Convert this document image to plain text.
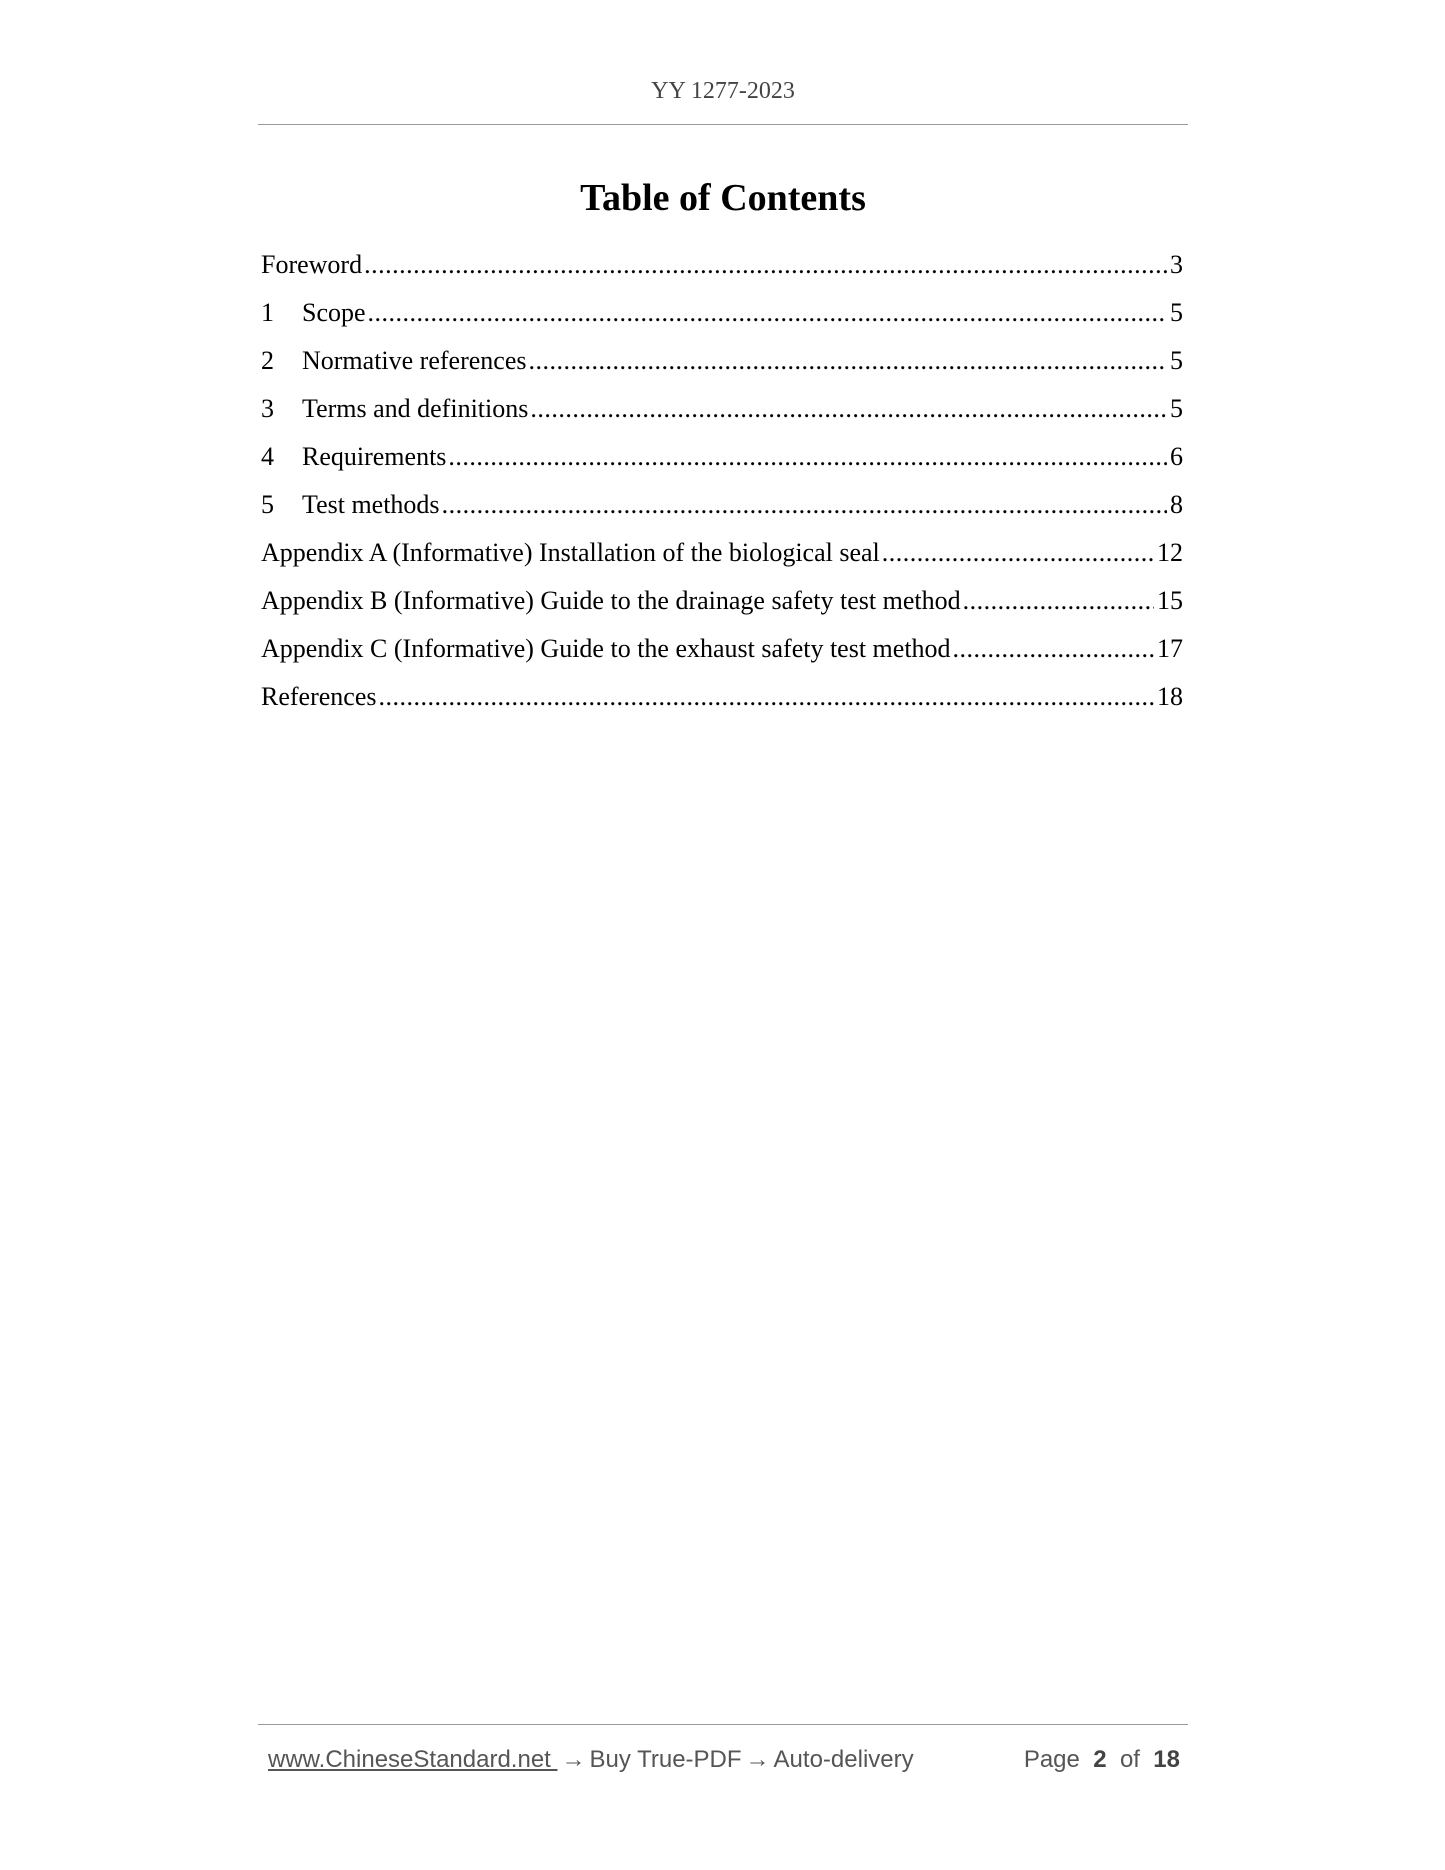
YY 1277-2023
Table of Contents
Foreword .....	3
1	Scope .....	5
2	Normative references .....	5
3	Terms and definitions .....	5
4	Requirements .....	6
5	Test methods .....	8
Appendix A (Informative) Installation of the biological seal .....	12
Appendix B (Informative) Guide to the drainage safety test method .....	15
Appendix C (Informative) Guide to the exhaust safety test method .....	17
References .....	18
www.ChineseStandard.net → Buy True-PDF → Auto-delivery	Page 2 of 18
